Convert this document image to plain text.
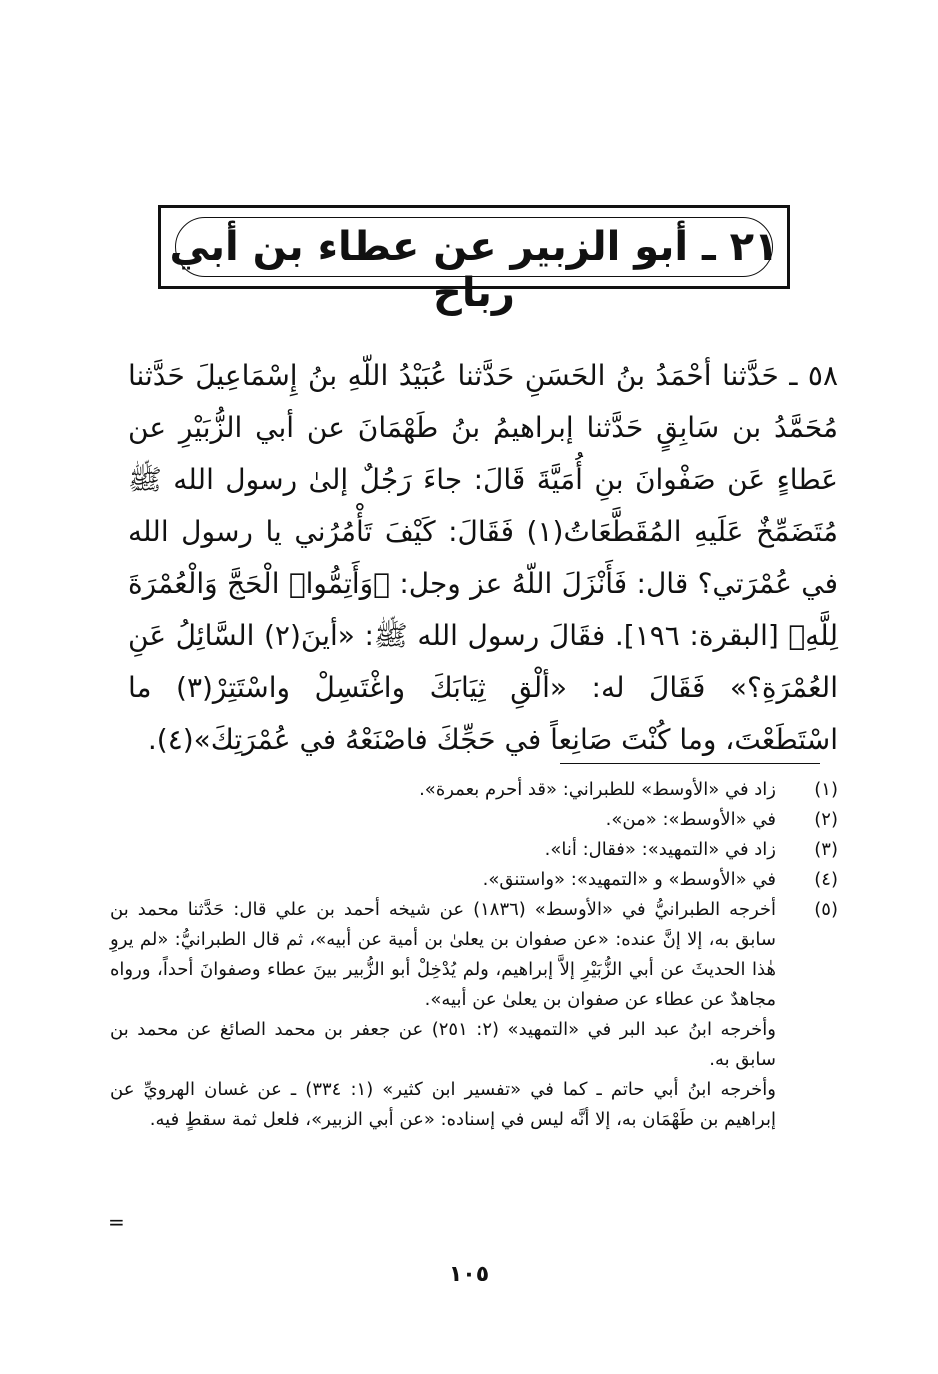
٢١ ـ أبو الزبير عن عطاء بن أبي رباح

٥٨ ـ حَدَّثنا أحْمَدُ بنُ الحَسَنِ حَدَّثنا عُبَيْدُ اللّهِ بنُ إِسْمَاعِيلَ حَدَّثنا مُحَمَّدُ بن سَابِقٍ حَدَّثنا إبراهيمُ بنُ طَهْمَانَ عن أبي الزُّبَيْرِ عن عَطاءٍ عَن صَفْوانَ بنِ أُمَيَّةَ قَالَ: جاءَ رَجُلٌ إلىٰ رسول الله ﷺ مُتَضَمِّخٌ عَلَيهِ المُقَطَّعَاتُ(١) فَقَالَ: كَيْفَ تَأْمُرُني يا رسول الله في عُمْرَتي؟ قال: فَأَنْزَلَ اللّهُ عز وجل: ﴿وَأَتِمُّوا۟ الْحَجَّ وَالْعُمْرَةَ لِلَّهِ﴾ [البقرة: ١٩٦]. فقَالَ رسول الله ﷺ: «أينَ(٢) السَّائِلُ عَنِ العُمْرَةِ؟» فَقَالَ له: «ألْقِ ثِيَابَكَ واغْتَسِلْ واسْتَتِرْ(٣) ما اسْتَطَعْتَ، وما كُنْتَ صَانِعاً في حَجِّكَ فاصْنَعْهُ في عُمْرَتِكَ»(٤).

(١)
زاد في «الأوسط» للطبراني: «قد أحرم بعمرة».
(٢)
في «الأوسط»: «من».
(٣)
زاد في «التمهيد»: «فقال: أنا».
(٤)
في «الأوسط» و «التمهيد»: «واستنق».
(٥)

أخرجه الطبرانيُّ في «الأوسط» (١٨٣٦) عن شيخه أحمد بن علي قال: حَدَّثنا محمد بن سابق به، إلا إنَّ عنده: «عن صفوان بن يعلىٰ بن أمية عن أبيه»، ثم قال الطبرانيُّ: «لم يروِ هٰذا الحديثَ عن أبي الزُّبَيْرِ إلاَّ إبراهيم، ولم يُدْخِلْ أبو الزُّبير بينَ عطاء وصفوانَ أحداً، ورواه مجاهدٌ عن عطاء عن صفوان بن يعلىٰ عن أبيه».

وأخرجه ابنُ عبد البر في «التمهيد» (٢: ٢٥١) عن جعفر بن محمد الصائغ عن محمد بن سابق به.

وأخرجه ابنُ أبي حاتم ـ كما في «تفسير ابن كثير» (١: ٣٣٤) ـ عن غسان الهرويِّ عن إبراهيم بن طَهْمَان به، إلا أنَّه ليس في إسناده: «عن أبي الزبير»، فلعل ثمة سقطٍ فيه.

=
١٠٥
